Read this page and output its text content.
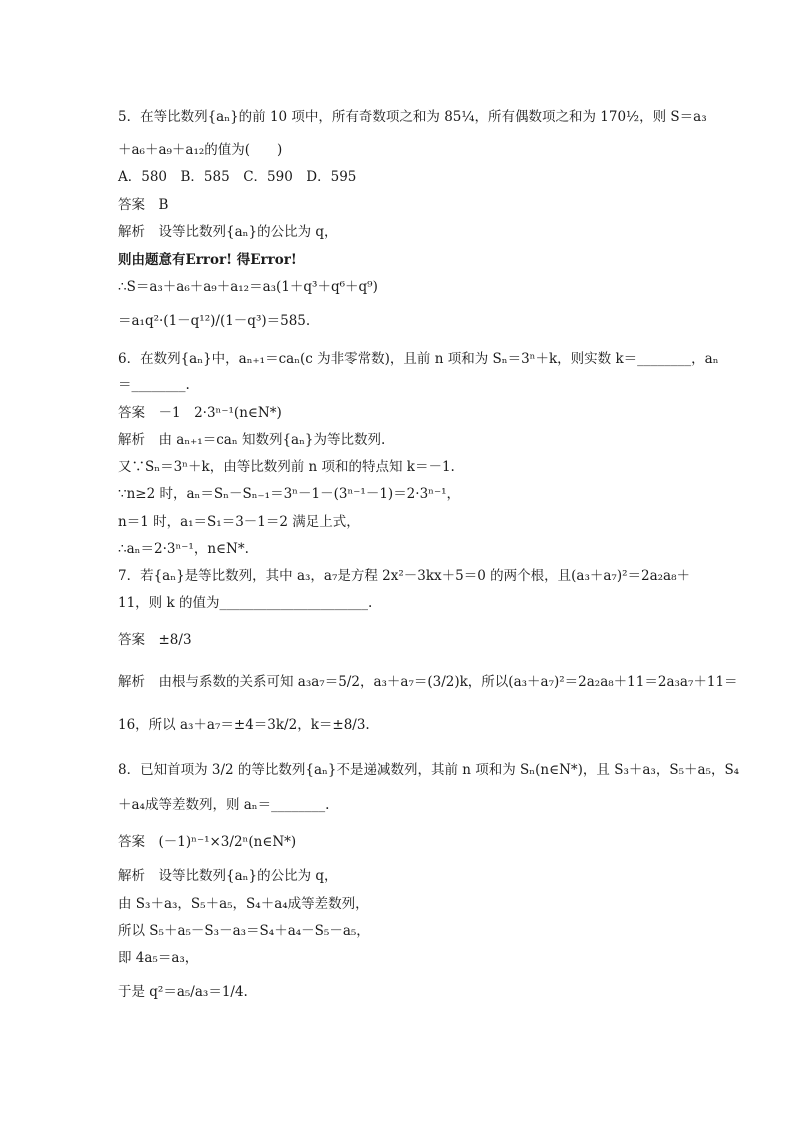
5．在等比数列{aₙ}的前 10 项中，所有奇数项之和为 85¼，所有偶数项之和为 170½，则 S＝a₃
＋a₆＋a₉＋a₁₂的值为(　　)
A．580　B．585　C．590　D．595
答案　B
解析　设等比数列{aₙ}的公比为 q，
则由题意有Error! 得Error!
∴S＝a₃＋a₆＋a₉＋a₁₂＝a₃(1＋q³＋q⁶＋q⁹)
＝a₁q²·(1－q¹²)/(1－q³)＝585.
6．在数列{aₙ}中，aₙ₊₁＝caₙ(c 为非零常数)，且前 n 项和为 Sₙ＝3ⁿ＋k，则实数 k＝________，aₙ
＝________.
答案　－1　2·3ⁿ⁻¹(n∈N*)
解析　由 aₙ₊₁＝caₙ 知数列{aₙ}为等比数列.
又∵Sₙ＝3ⁿ＋k，由等比数列前 n 项和的特点知 k＝－1.
∵n≥2 时，aₙ＝Sₙ－Sₙ₋₁＝3ⁿ－1－(3ⁿ⁻¹－1)＝2·3ⁿ⁻¹，
n＝1 时，a₁＝S₁＝3－1＝2 满足上式，
∴aₙ＝2·3ⁿ⁻¹，n∈N*.
7．若{aₙ}是等比数列，其中 a₃，a₇是方程 2x²－3kx＋5＝0 的两个根，且(a₃＋a₇)²＝2a₂a₈＋
11，则 k 的值为______________________.
答案　±8/3
解析　由根与系数的关系可知 a₃a₇＝5/2，a₃＋a₇＝(3/2)k，所以(a₃＋a₇)²＝2a₂a₈＋11＝2a₃a₇＋11＝
16，所以 a₃＋a₇＝±4＝3k/2，k＝±8/3.
8．已知首项为 3/2 的等比数列{aₙ}不是递减数列，其前 n 项和为 Sₙ(n∈N*)，且 S₃＋a₃，S₅＋a₅，S₄
＋a₄成等差数列，则 aₙ＝________.
答案　(－1)ⁿ⁻¹×3/2ⁿ(n∈N*)
解析　设等比数列{aₙ}的公比为 q，
由 S₃＋a₃，S₅＋a₅，S₄＋a₄成等差数列，
所以 S₅＋a₅－S₃－a₃＝S₄＋a₄－S₅－a₅，
即 4a₅＝a₃，
于是 q²＝a₅/a₃＝1/4.
